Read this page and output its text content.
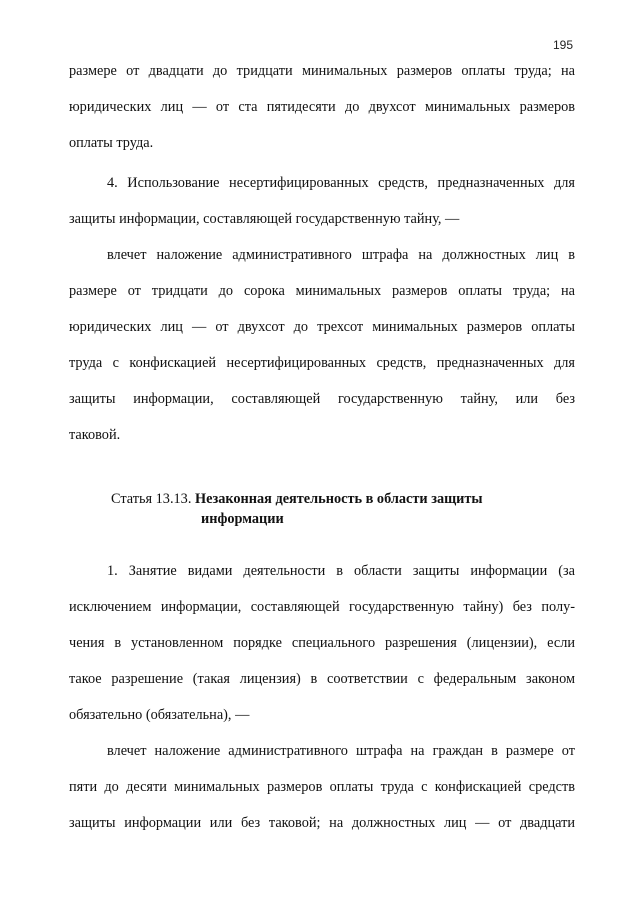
195
размере от двадцати до тридцати минимальных размеров оплаты труда; на
юридических лиц — от ста пятидесяти до двухсот минимальных размеров
оплаты труда.
4. Использование несертифицированных средств, предназначенных для
защиты информации, составляющей государственную тайну, —
влечет наложение административного штрафа на должностных лиц в
размере от тридцати до сорока минимальных размеров оплаты труда; на
юридических лиц — от двухсот до трехсот минимальных размеров оплаты
труда с конфискацией несертифицированных средств, предназначенных для
защиты информации, составляющей государственную тайну, или без
таковой.
Статья 13.13. Незаконная деятельность в области защиты
информации
1. Занятие видами деятельности в области защиты информации (за
исключением информации, составляющей государственную тайну) без полу-
чения в установленном порядке специального разрешения (лицензии), если
такое разрешение (такая лицензия) в соответствии с федеральным законом
обязательно (обязательна), —
влечет наложение административного штрафа на граждан в размере от
пяти до десяти минимальных размеров оплаты труда с конфискацией средств
защиты информации или без таковой; на должностных лиц — от двадцати
